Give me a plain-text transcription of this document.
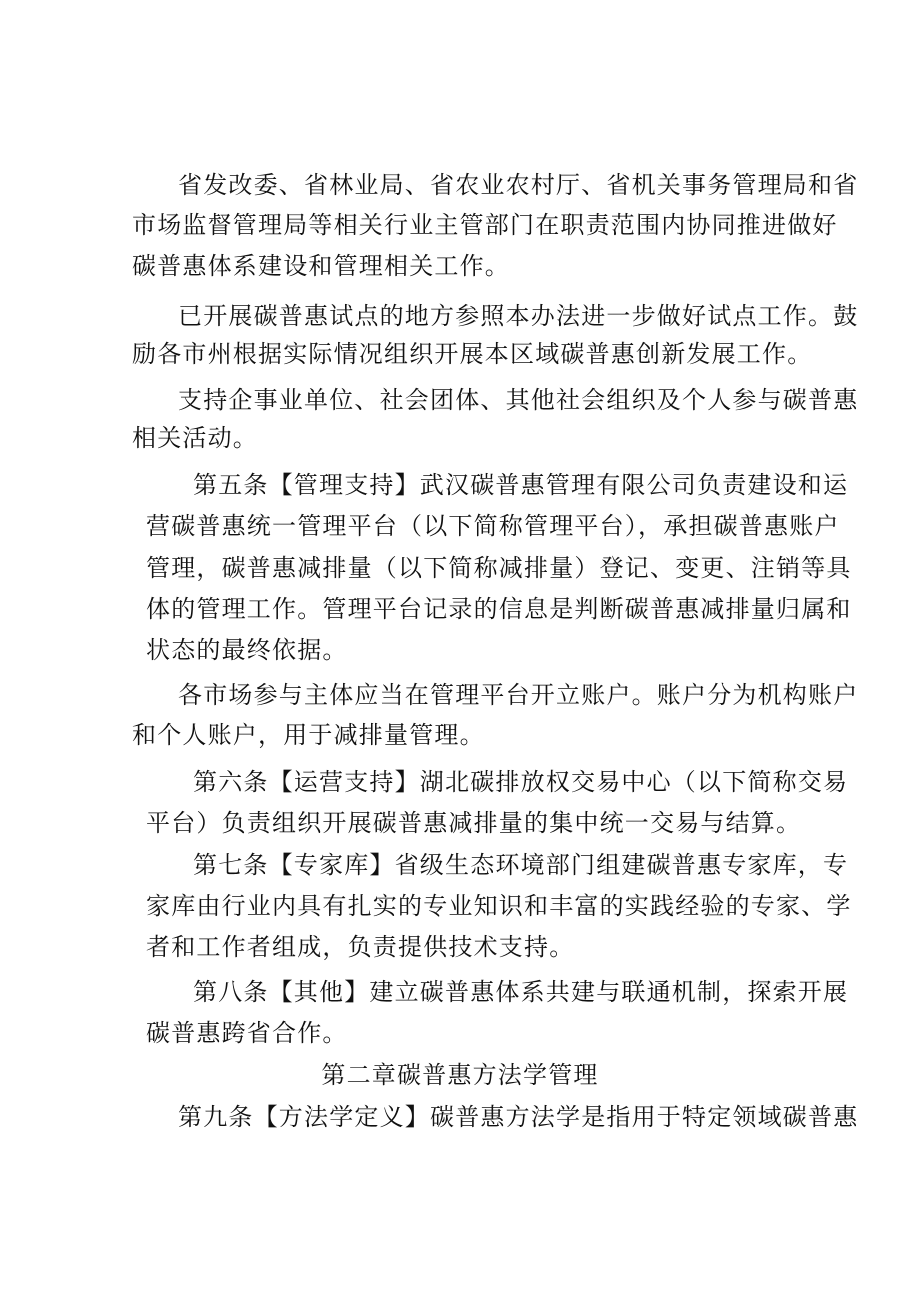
省发改委、省林业局、省农业农村厅、省机关事务管理局和省
市场监督管理局等相关行业主管部门在职责范围内协同推进做好
碳普惠体系建设和管理相关工作。
已开展碳普惠试点的地方参照本办法进一步做好试点工作。鼓
励各市州根据实际情况组织开展本区域碳普惠创新发展工作。
支持企事业单位、社会团体、其他社会组织及个人参与碳普惠
相关活动。
第五条【管理支持】武汉碳普惠管理有限公司负责建设和运
营碳普惠统一管理平台（以下简称管理平台），承担碳普惠账户
管理，碳普惠减排量（以下简称减排量）登记、变更、注销等具
体的管理工作。管理平台记录的信息是判断碳普惠减排量归属和
状态的最终依据。
各市场参与主体应当在管理平台开立账户。账户分为机构账户
和个人账户，用于减排量管理。
第六条【运营支持】湖北碳排放权交易中心（以下简称交易
平台）负责组织开展碳普惠减排量的集中统一交易与结算。
第七条【专家库】省级生态环境部门组建碳普惠专家库，专
家库由行业内具有扎实的专业知识和丰富的实践经验的专家、学
者和工作者组成，负责提供技术支持。
第八条【其他】建立碳普惠体系共建与联通机制，探索开展
碳普惠跨省合作。
第二章碳普惠方法学管理
第九条【方法学定义】碳普惠方法学是指用于特定领域碳普惠
